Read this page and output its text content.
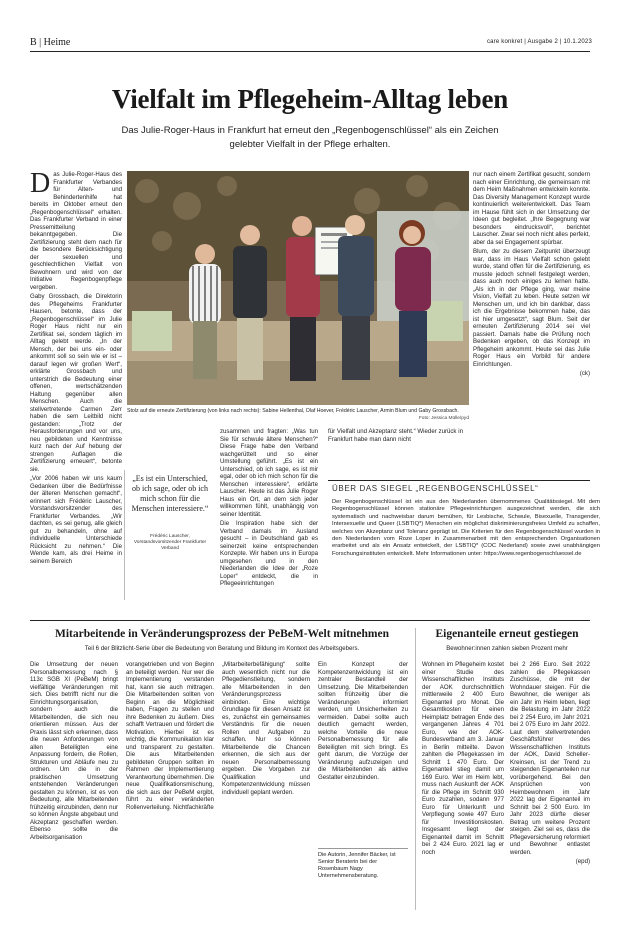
B | Heime	care konkret | Ausgabe 2 | 10.1.2023
Vielfalt im Pflegeheim-Alltag leben
Das Julie-Roger-Haus in Frankfurt hat erneut den „Regenbogenschlüssel“ als ein Zeichen gelebter Vielfalt in der Pflege erhalten.
D as Julie-Roger-Haus des Frankfurter Verbandes für Alten- und Behindertenhilfe hat bereits im Oktober erneut den „Regenbogenschlüssel“ erhalten. Das Frankfurter Verband in einer Pressemitteilung bekanntgegeben. Die Zertifizierung steht dem nach für die besondere Berücksichtigung der sexuellen und geschlechtlichen Vielfalt von Bewohnern und wird von der Initiative Regenbogenpflege vergeben.

Gaby Grossbach, die Direktorin des Pflegeheims Frankfurter Hausen, betonte, dass der „Regenbogenschlüssel“ im Julie Roger Haus nicht nur ein Zertifikat sei, sondern täglich im Alltag gelebt werde. „In der Mensch, der bei uns ein- oder ankommt soll so sein wie er ist – darauf legen wir großen Wert“, erklärte Grossbach und unterstrich die Bedeutung einer offenen, wertschätzenden Haltung gegenüber allen Menschen. Auch die stellvertretende Carmen Zerr haben die sem Leitbild nicht gestanden: „Trotz der Herausforderungen und vor uns, neu gebildeten und Kenntnisse kurz nach der Auf hebung der strengen Auflagen die Zertifizierung erneuert“, betonte sie.

„Vor 2006 haben wir uns kaum Gedanken über die Bedürfnisse der älteren Menschen gemacht“, erinnert sich Frédéric Lauscher, Vorstandsvorsitzender des Frankfurter Verbandes. „Wir dachten, es sei genug, alle gleich gut zu behandeln, ohne auf individuelle Unterschiede Rücksicht zu nehmen.“ Die Wende kam, als drei Heime in seinem Bereich

Stolz auf die erneute Zertifizierung (von links nach rechts): Sabine Hellenthal, Olaf Hoever, Frédéric Lauscher, Armin Blum und Gaby Grossbach.
Foto: Jessica Mülle/pyd

nur nach einem Zertifikat gesucht, sondern nach einer Einrichtung, die gemeinsam mit dem Heim Maßnahmen entwickeln konnte. Das Diversity Management Konzept wurde kontinuierlich weiterentwickelt. Das Team im Hause fühlt sich in der Umsetzung der Ideen gut begleitet. „Ihre Begegnung war besonders eindrucksvoll“, berichtet Lauscher. Zwar sei noch nicht alles perfekt, aber da sei Engagement spürbar.

Blum, der zu diesem Zeitpunkt überzeugt war, dass im Haus Vielfalt schon gelebt wurde, stand offen für die Zertifizierung, es musste jedoch schnell festgelegt werden, dass auch noch einiges zu lernen hatte. „Als ich in der Pflege ging, war meine Vision, Vielfalt zu leben. Heute setzen wir Menschen um, und ich bin dankbar, dass ich die Ergebnisse bekommen habe, das ist hier umgesetzt“, sagt Blum. Seit der erneuten Zertifizierung 2014 sei viel passiert. Damals habe die Prüfung noch Bedenken ergeben, ob das Konzept im Pflegeheim ankommt. Heute sei das Julie Roger Haus ein Vorbild für andere Einrichtungen.

(ck)

„Es ist ein Unterschied, ob ich sage, oder ob ich mich schon für die Menschen interessiere.“
Frédéric Lauscher, Vorstandsvorsitzender Frankfurter Verband

zusammen und fragten: „Was tun Sie für schwule ältere Menschen?“ Diese Frage habe den Verband wachgerüttelt und so einer Umstellung geführt. „Es ist ein Unterschied, ob ich sage, es ist mir egal, oder ob ich mich schon für die Menschen interessiere“, erklärte Lauscher. Heute ist das Julie Roger Haus ein Ort, an dem sich jeder willkommen fühlt, unabhängig von seiner Identität.

Die Inspiration habe sich der Verband damals im Ausland gesucht – in Deutschland gab es seinerzeit keine entsprechenden Konzepte. Wir haben uns in Europa umgesehen und in den Niederlanden die Idee der „Roze Loper“ entdeckt, die in Pflegeeinrichtungen

für Vielfalt und Akzeptanz steht.“ Wieder zurück in Frankfurt habe man dann nicht

ÜBER DAS SIEGEL „REGENBOGENSCHLÜSSEL“
Der Regenbogenschlüssel ist ein aus den Niederlanden übernommenes Qualitätssiegel. Mit dem Regenbogenschlüssel können stationäre Pflegeeinrichtungen ausgezeichnet werden, die sich systematisch und nachweisbar darum bemühen, für Lesbische, Schwule, Bisexuelle, Transgender, Intersexuelle und Queer (LSBTIQ*) Menschen ein möglichst diskriminierungsfreies Umfeld zu schaffen, welches von Akzeptanz und Toleranz geprägt ist. Die Kriterien für den Regenbogenschlüssel wurden in den Niederlanden vom Roze Loper in Zusammenarbeit mit den entsprechenden Organisationen erarbeitet und als ein Ansatz entwickelt, der LSBTIQ* (COC Nederland) sowie zwei unabhängigen Forschungsinstituten entwickelt. Mehr Informationen unter: https://www.regenbogenschluessel.de
Mitarbeitende in Veränderungsprozess der PeBeM-Welt mitnehmen
Teil 6 der Blitzlicht-Serie über die Bedeutung von Beratung und Bildung im Kontext des Arbeitsgebers.

Die Umsetzung der neuen Personalbemessung nach § 113c SGB XI (PeBeM) bringt vielfältige Veränderungen mit sich. Dies betrifft nicht nur die Einrichtungsorganisation, sondern auch die Mitarbeitenden, die sich neu orientieren müssen. Aus der Praxis lässt sich erkennen, dass die neuen Anforderungen von allen Beteiligten eine Anpassung fordern, die Rollen, Strukturen und Abläufe neu zu ordnen. Um die in der praktischen Umsetzung entstehenden Veränderungen gestalten zu können, ist es von Bedeutung, alle Mitarbeitenden frühzeitig einzubinden, denn nur so können Ängste abgebaut und Akzeptanz geschaffen werden. Ebenso sollte die Arbeitsorganisation

vorangetrieben und von Beginn an beteiligt werden. Nur wer die Implementierung verstanden hat, kann sie auch mittragen. Die Mitarbeitenden sollten von Beginn an die Möglichkeit haben, Fragen zu stellen und ihre Bedenken zu äußern. Dies schafft Vertrauen und fördert die Motivation. Hierbei ist es wichtig, die Kommunikation klar und transparent zu gestalten. Die aus Mitarbeitenden gebildeten Gruppen sollten im Rahmen der Implementierung Verantwortung übernehmen. Die neue Qualifikationsmischung, die sich aus der PeBeM ergibt, führt zu einer veränderten Rollenverteilung. Nichtfachkräfte

„Mitarbeiterbefähigung“ sollte auch wesentlich nicht nur die Pflegedienstleitung, sondern alle Mitarbeitenden in den Veränderungsprozess einbinden. Eine wichtige Grundlage für diesen Ansatz ist es, zunächst ein gemeinsames Verständnis für die neuen Rollen und Aufgaben zu schaffen. Nur so können Mitarbeitende die Chancen erkennen, die sich aus der neuen Personalbemessung ergeben. Die Vorgaben zur Qualifikation und Kompetenzentwicklung müssen individuell geplant werden.

Ein Konzept der Kompetenzentwicklung ist ein zentraler Bestandteil der Umsetzung. Die Mitarbeitenden sollten frühzeitig über die Veränderungen informiert werden, um Unsicherheiten zu vermeiden. Dabei sollte auch deutlich gemacht werden, welche Vorteile die neue Personalbemessung für alle Beteiligten mit sich bringt. Es geht darum, die Vorzüge der Veränderung aufzuzeigen und die Mitarbeitenden als aktive Gestalter einzubinden.

Die Autorin, Jennifer Bäcker, ist Senior Beraterin bei der Rosenbaum Nagy Unternehmensberatung.
Eigenanteile erneut gestiegen
Bewohner:innen zahlen sieben Prozent mehr

Wohnen im Pflegeheim kostet einer Studie des Wissenschaftlichen Instituts der AOK durchschnittlich mittlerweile 2 400 Euro Eigenanteil pro Monat. Die Gesamtkosten für einen Heimplatz betragen Ende des vergangenen Jahres 4 701 Euro, wie der AOK-Bundesverband am 3. Januar in Berlin mitteilte. Davon zahlten die Pflegekassen im Schnitt 1 470 Euro. Der Eigenanteil stieg damit um 169 Euro. Wer im Heim lebt, muss nach Auskunft der AOK für die Pflege im Schnitt 930 Euro zuzahlen, sodann 977 Euro für Unterkunft und Verpflegung sowie 497 Euro für Investitionskosten. Insgesamt liegt der Eigenanteil damit im Schnitt bei 2 424 Euro. 2021 lag er noch

bei 2 266 Euro. Seit 2022 zahlen die Pflegekassen Zuschüsse, die mit der Wohndauer steigen. Für die Bewohner, die weniger als ein Jahr im Heim leben, liegt die Belastung im Jahr 2022 bei 2 254 Euro, im Jahr 2021 bei 2 075 Euro im Jahr 2022. Laut dem stellvertretenden Geschäftsführer des Wissenschaftlichen Instituts der AOK, David Scheller-Kreinsen, ist der Trend zu steigenden Eigenanteilen nur vorübergehend. Bei den Ansprüchen von Heimbewohnern im Jahr 2022 lag der Eigenanteil im Schnitt bei 2 500 Euro. Im Jahr 2023 dürfte dieser Betrag um weitere Prozent steigen. Ziel sei es, dass die Pflegeversicherung reformiert und Bewohner entlastet werden.

(epd)
